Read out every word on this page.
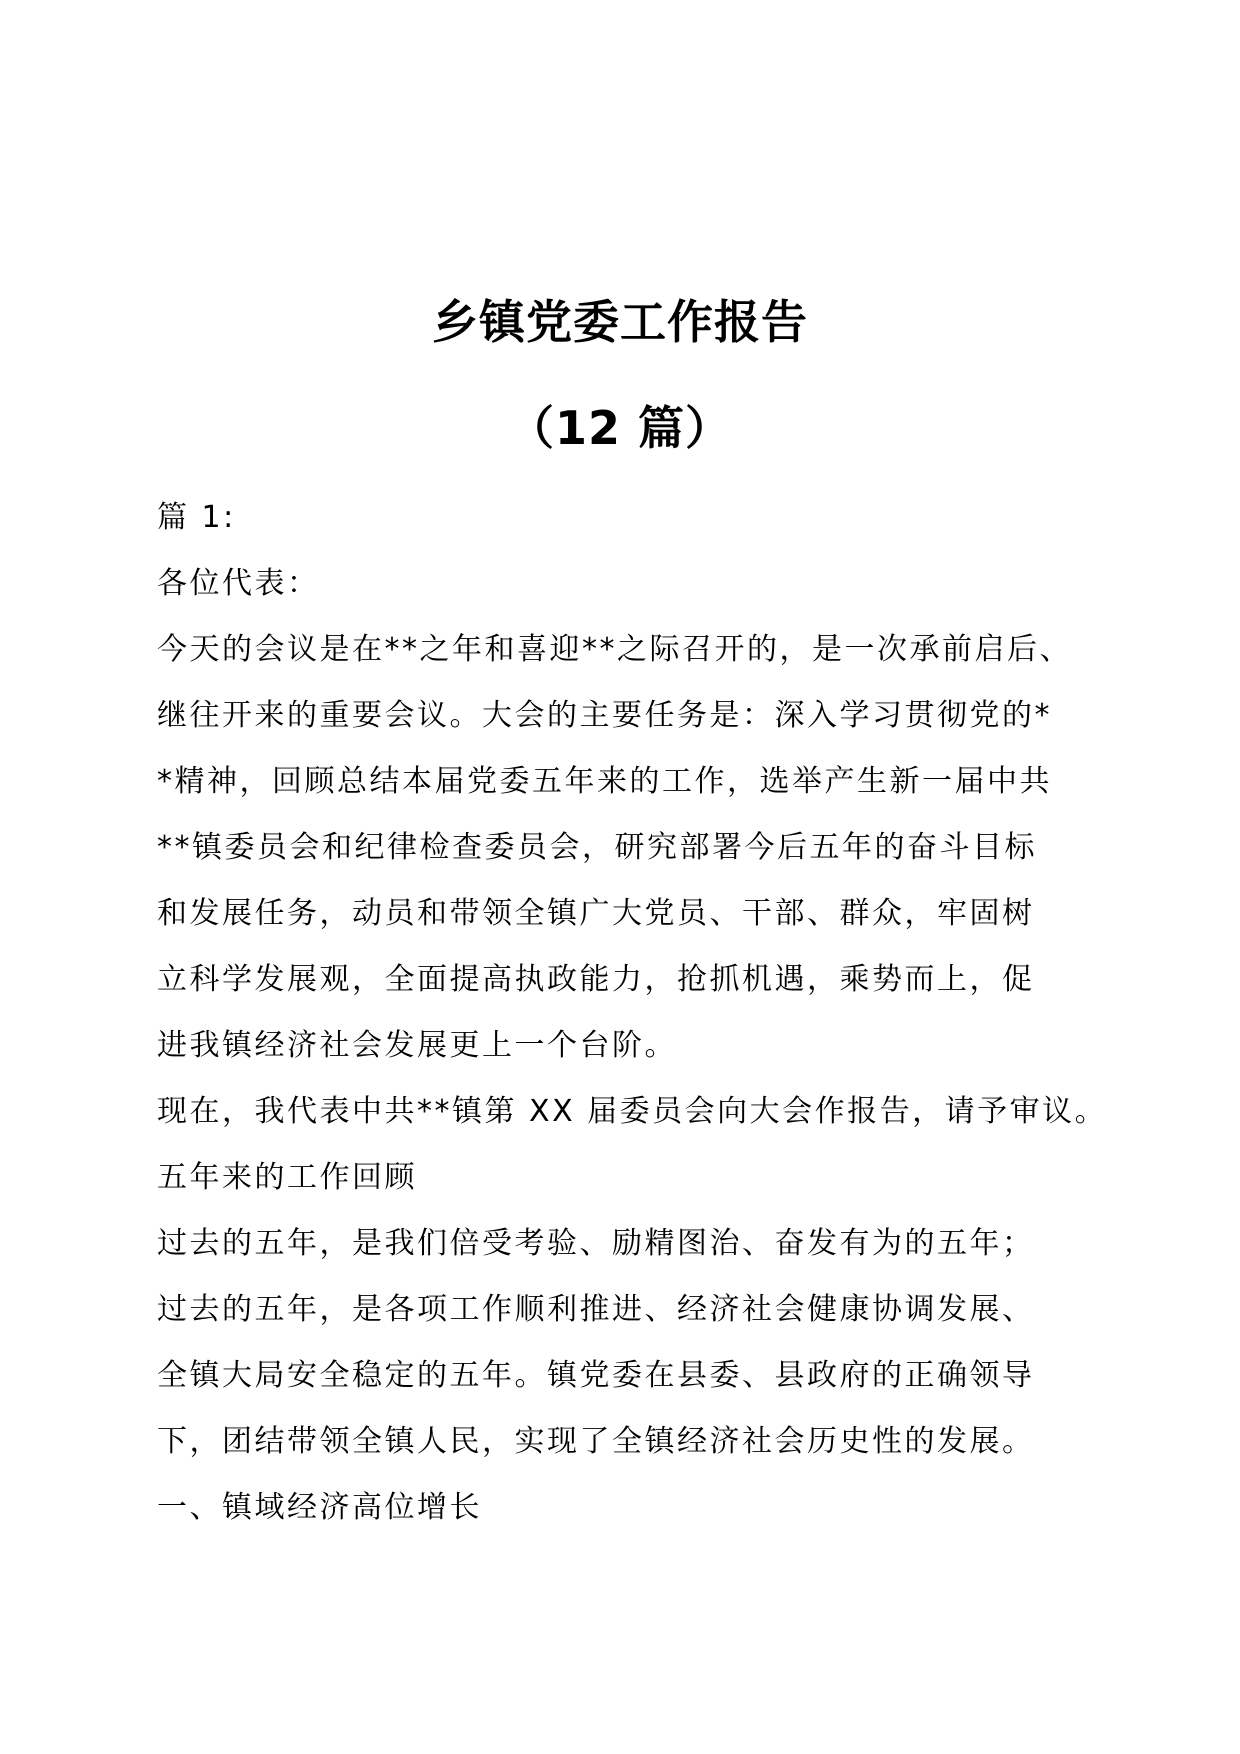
乡镇党委工作报告
（12 篇）
篇 1:
各位代表：
今天的会议是在**之年和喜迎**之际召开的，是一次承前启后、
继往开来的重要会议。大会的主要任务是：深入学习贯彻党的*
*精神，回顾总结本届党委五年来的工作，选举产生新一届中共
**镇委员会和纪律检查委员会，研究部署今后五年的奋斗目标
和发展任务，动员和带领全镇广大党员、干部、群众，牢固树
立科学发展观，全面提高执政能力，抢抓机遇，乘势而上，促
进我镇经济社会发展更上一个台阶。
现在，我代表中共**镇第 XX 届委员会向大会作报告，请予审议。
五年来的工作回顾
过去的五年，是我们倍受考验、励精图治、奋发有为的五年；
过去的五年，是各项工作顺利推进、经济社会健康协调发展、
全镇大局安全稳定的五年。镇党委在县委、县政府的正确领导
下，团结带领全镇人民，实现了全镇经济社会历史性的发展。
一、镇域经济高位增长
